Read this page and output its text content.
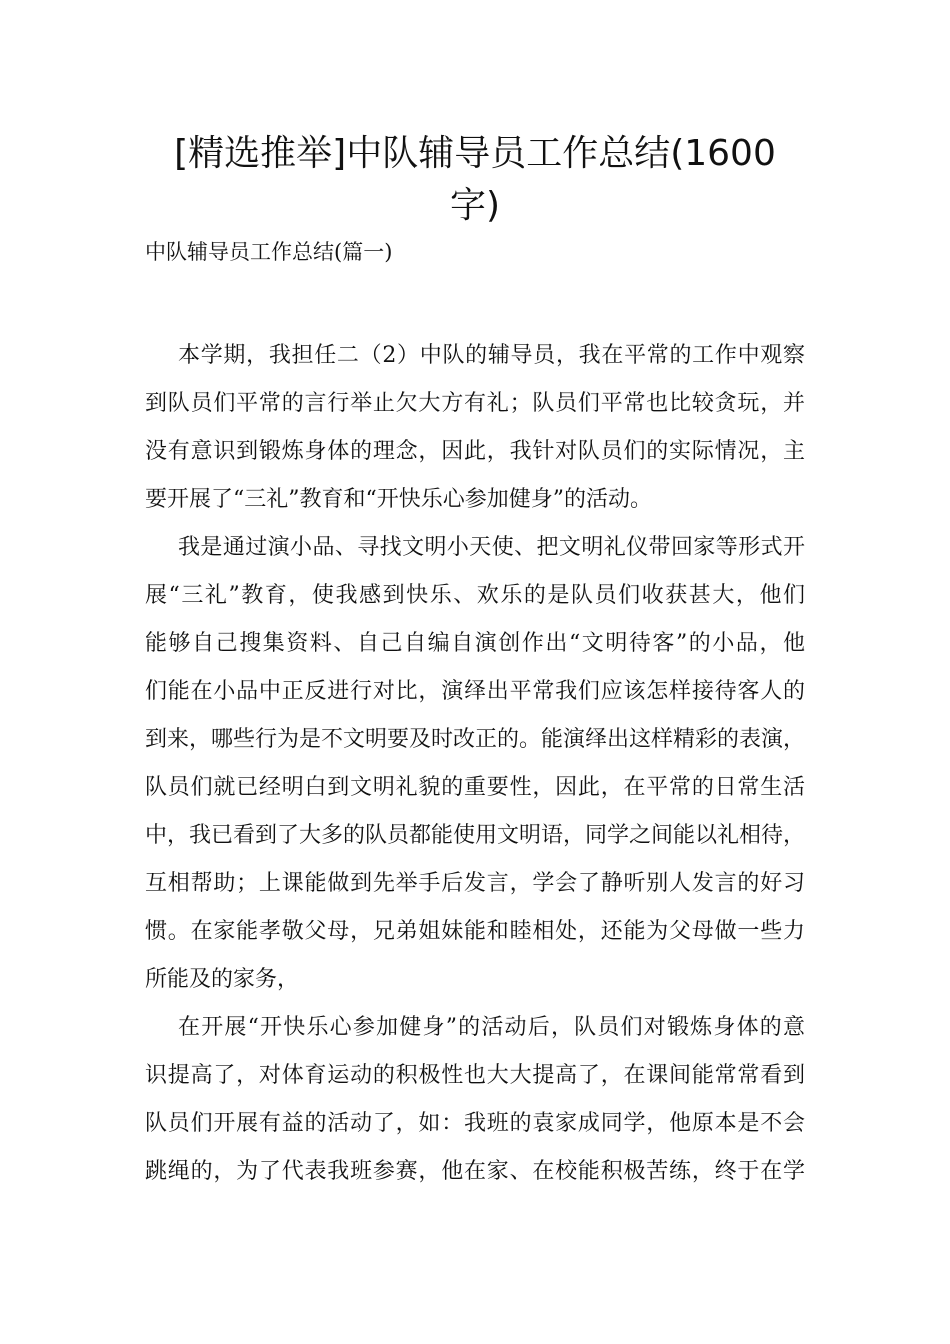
[精选推举]中队辅导员工作总结(1600
字)

中队辅导员工作总结(篇一)

本学期，我担任二（2）中队的辅导员，我在平常的工作中观察
到队员们平常的言行举止欠大方有礼；队员们平常也比较贪玩，并
没有意识到锻炼身体的理念，因此，我针对队员们的实际情况，主
要开展了“三礼”教育和“开快乐心参加健身”的活动。
我是通过演小品、寻找文明小天使、把文明礼仪带回家等形式开
展“三礼”教育，使我感到快乐、欢乐的是队员们收获甚大，他们
能够自己搜集资料、自己自编自演创作出“文明待客”的小品，他
们能在小品中正反进行对比，演绎出平常我们应该怎样接待客人的
到来，哪些行为是不文明要及时改正的。能演绎出这样精彩的表演，
队员们就已经明白到文明礼貌的重要性，因此，在平常的日常生活
中，我已看到了大多的队员都能使用文明语，同学之间能以礼相待，
互相帮助；上课能做到先举手后发言，学会了静听别人发言的好习
惯。在家能孝敬父母，兄弟姐妹能和睦相处，还能为父母做一些力
所能及的家务，
在开展“开快乐心参加健身”的活动后，队员们对锻炼身体的意
识提高了，对体育运动的积极性也大大提高了，在课间能常常看到
队员们开展有益的活动了，如：我班的袁家成同学，他原本是不会
跳绳的，为了代表我班参赛，他在家、在校能积极苦练，终于在学
